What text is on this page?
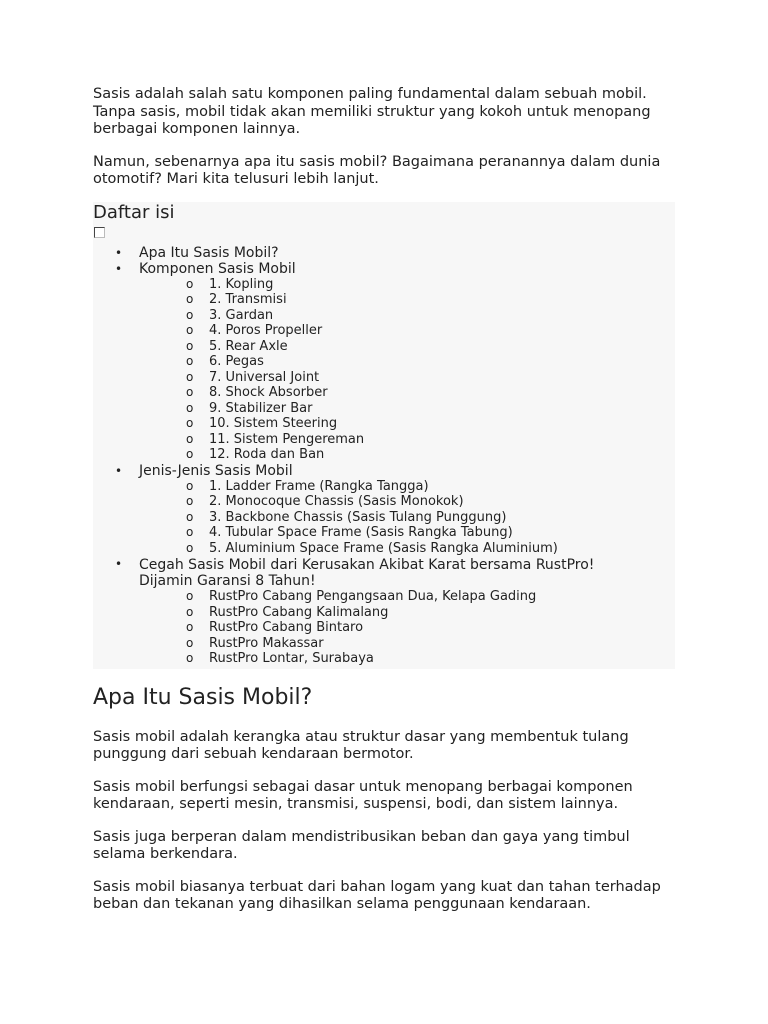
Sasis adalah salah satu komponen paling fundamental dalam sebuah mobil. Tanpa sasis, mobil tidak akan memiliki struktur yang kokoh untuk menopang berbagai komponen lainnya.

Namun, sebenarnya apa itu sasis mobil? Bagaimana peranannya dalam dunia otomotif? Mari kita telusuri lebih lanjut.

Daftar isi
• Apa Itu Sasis Mobil?
• Komponen Sasis Mobil
o 1. Kopling
o 2. Transmisi
o 3. Gardan
o 4. Poros Propeller
o 5. Rear Axle
o 6. Pegas
o 7. Universal Joint
o 8. Shock Absorber
o 9. Stabilizer Bar
o 10. Sistem Steering
o 11. Sistem Pengereman
o 12. Roda dan Ban
• Jenis-Jenis Sasis Mobil
o 1. Ladder Frame (Rangka Tangga)
o 2. Monocoque Chassis (Sasis Monokok)
o 3. Backbone Chassis (Sasis Tulang Punggung)
o 4. Tubular Space Frame (Sasis Rangka Tabung)
o 5. Aluminium Space Frame (Sasis Rangka Aluminium)
• Cegah Sasis Mobil dari Kerusakan Akibat Karat bersama RustPro!
Dijamin Garansi 8 Tahun!
o RustPro Cabang Pengangsaan Dua, Kelapa Gading
o RustPro Cabang Kalimalang
o RustPro Cabang Bintaro
o RustPro Makassar
o RustPro Lontar, Surabaya
Apa Itu Sasis Mobil?

Sasis mobil adalah kerangka atau struktur dasar yang membentuk tulang punggung dari sebuah kendaraan bermotor.

Sasis mobil berfungsi sebagai dasar untuk menopang berbagai komponen kendaraan, seperti mesin, transmisi, suspensi, bodi, dan sistem lainnya.

Sasis juga berperan dalam mendistribusikan beban dan gaya yang timbul selama berkendara.

Sasis mobil biasanya terbuat dari bahan logam yang kuat dan tahan terhadap beban dan tekanan yang dihasilkan selama penggunaan kendaraan.
